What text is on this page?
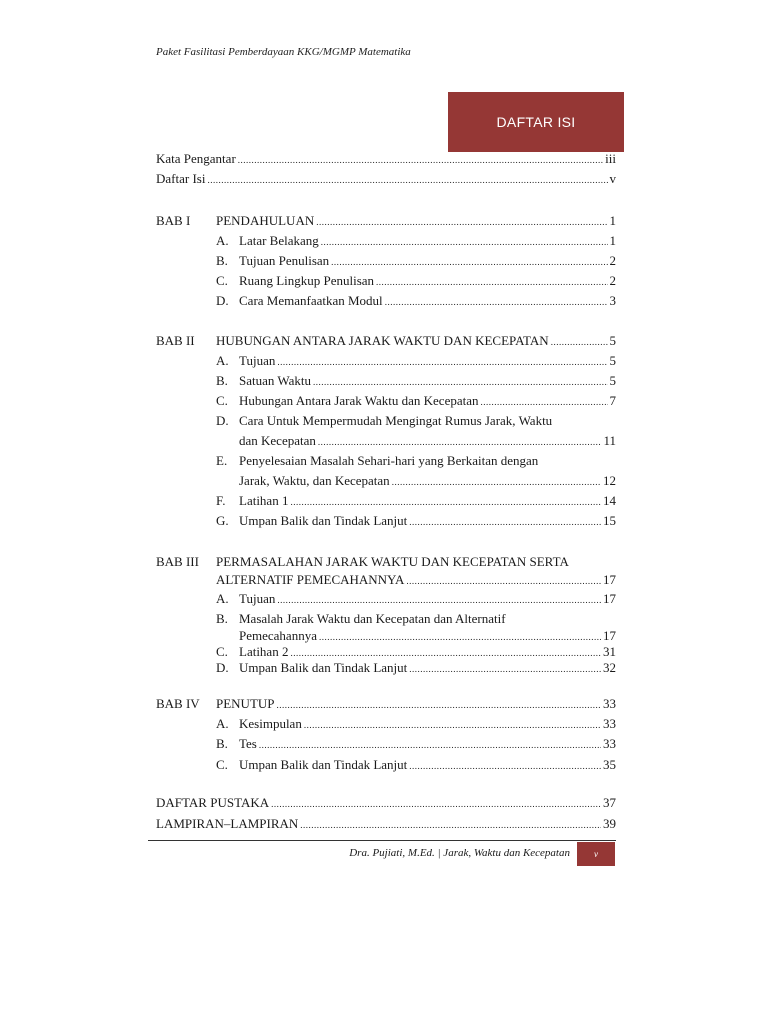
Paket Fasilitasi Pemberdayaan KKG/MGMP Matematika
DAFTAR ISI
Kata Pengantar .....	iii
Daftar Isi .....	v
BAB I PENDAHULUAN .....	1
A. Latar Belakang .....	1
B. Tujuan Penulisan .....	2
C. Ruang Lingkup Penulisan .....	2
D. Cara Memanfaatkan Modul .....	3
BAB II HUBUNGAN ANTARA JARAK WAKTU DAN KECEPATAN .....	5
A. Tujuan .....	5
B. Satuan Waktu .....	5
C. Hubungan Antara Jarak Waktu dan Kecepatan .....	7
D. Cara Untuk Mempermudah Mengingat Rumus Jarak, Waktu
dan Kecepatan .....	11
E. Penyelesaian Masalah Sehari-hari yang Berkaitan dengan
Jarak, Waktu, dan Kecepatan .....	12
F. Latihan 1 .....	14
G. Umpan Balik dan Tindak Lanjut .....	15
BAB III PERMASALAHAN JARAK WAKTU DAN KECEPATAN SERTA
ALTERNATIF PEMECAHANNYA .....	17
A. Tujuan .....	17
B. Masalah Jarak Waktu dan Kecepatan dan Alternatif
Pemecahannya .....	17
C. Latihan 2 .....	31
D. Umpan Balik dan Tindak Lanjut .....	32
BAB IV PENUTUP .....	33
A. Kesimpulan .....	33
B. Tes .....	33
C. Umpan Balik dan Tindak Lanjut .....	35
DAFTAR PUSTAKA .....	37
LAMPIRAN–LAMPIRAN .....	39
Dra. Pujiati, M.Ed. | Jarak, Waktu dan Kecepatan	v
